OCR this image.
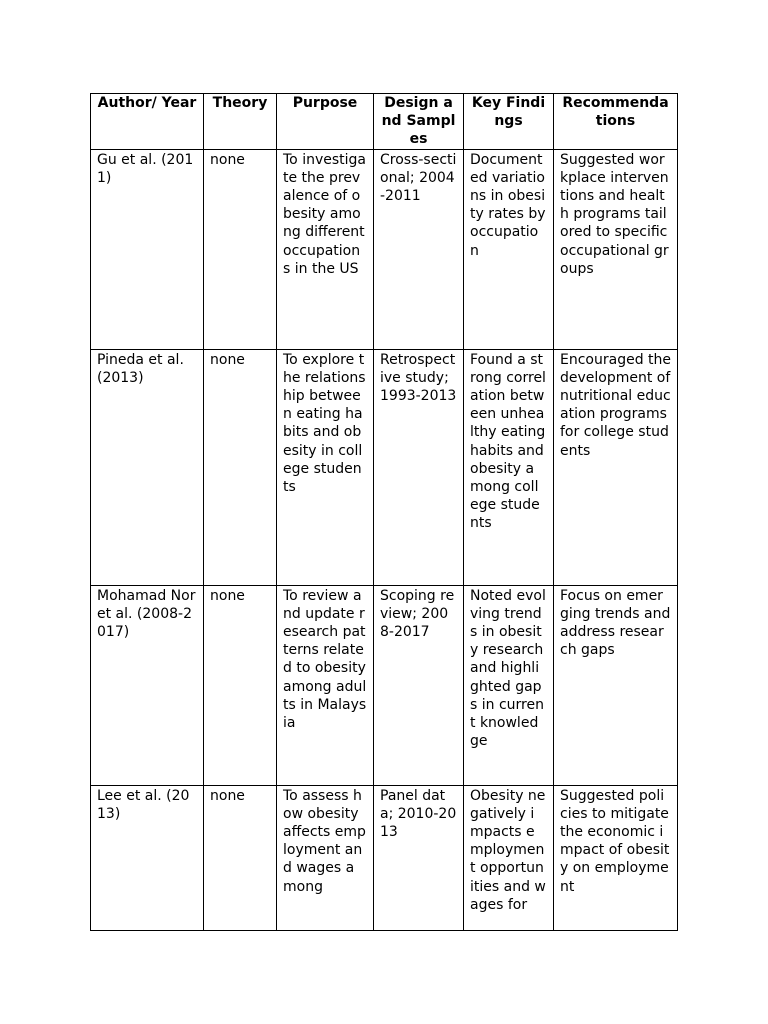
Author/ Year	Theory	Purpose	Design and Samples	Key Findings	Recommendations
Gu et al. (2011)	none	To investigate the prevalence of obesity among different occupations in the US	Cross-sectional; 2004-2011	Documented variations in obesity rates by occupation	Suggested workplace interventions and health programs tailored to specific occupational groups
Pineda et al. (2013)	none	To explore the relationship between eating habits and obesity in college students	Retrospective study; 1993-2013	Found a strong correlation between unhealthy eating habits and obesity among college students	Encouraged the development of nutritional education programs for college students
Mohamad Nor et al. (2008-2017)	none	To review and update research patterns related to obesity among adults in Malaysia	Scoping review; 2008-2017	Noted evolving trends in obesity research and highlighted gaps in current knowledge	Focus on emerging trends and address research gaps
Lee et al. (2013)	none	To assess how obesity affects employment and wages among	Panel data; 2010-2013	Obesity negatively impacts employment opportunities and wages for	Suggested policies to mitigate the economic impact of obesity on employment
